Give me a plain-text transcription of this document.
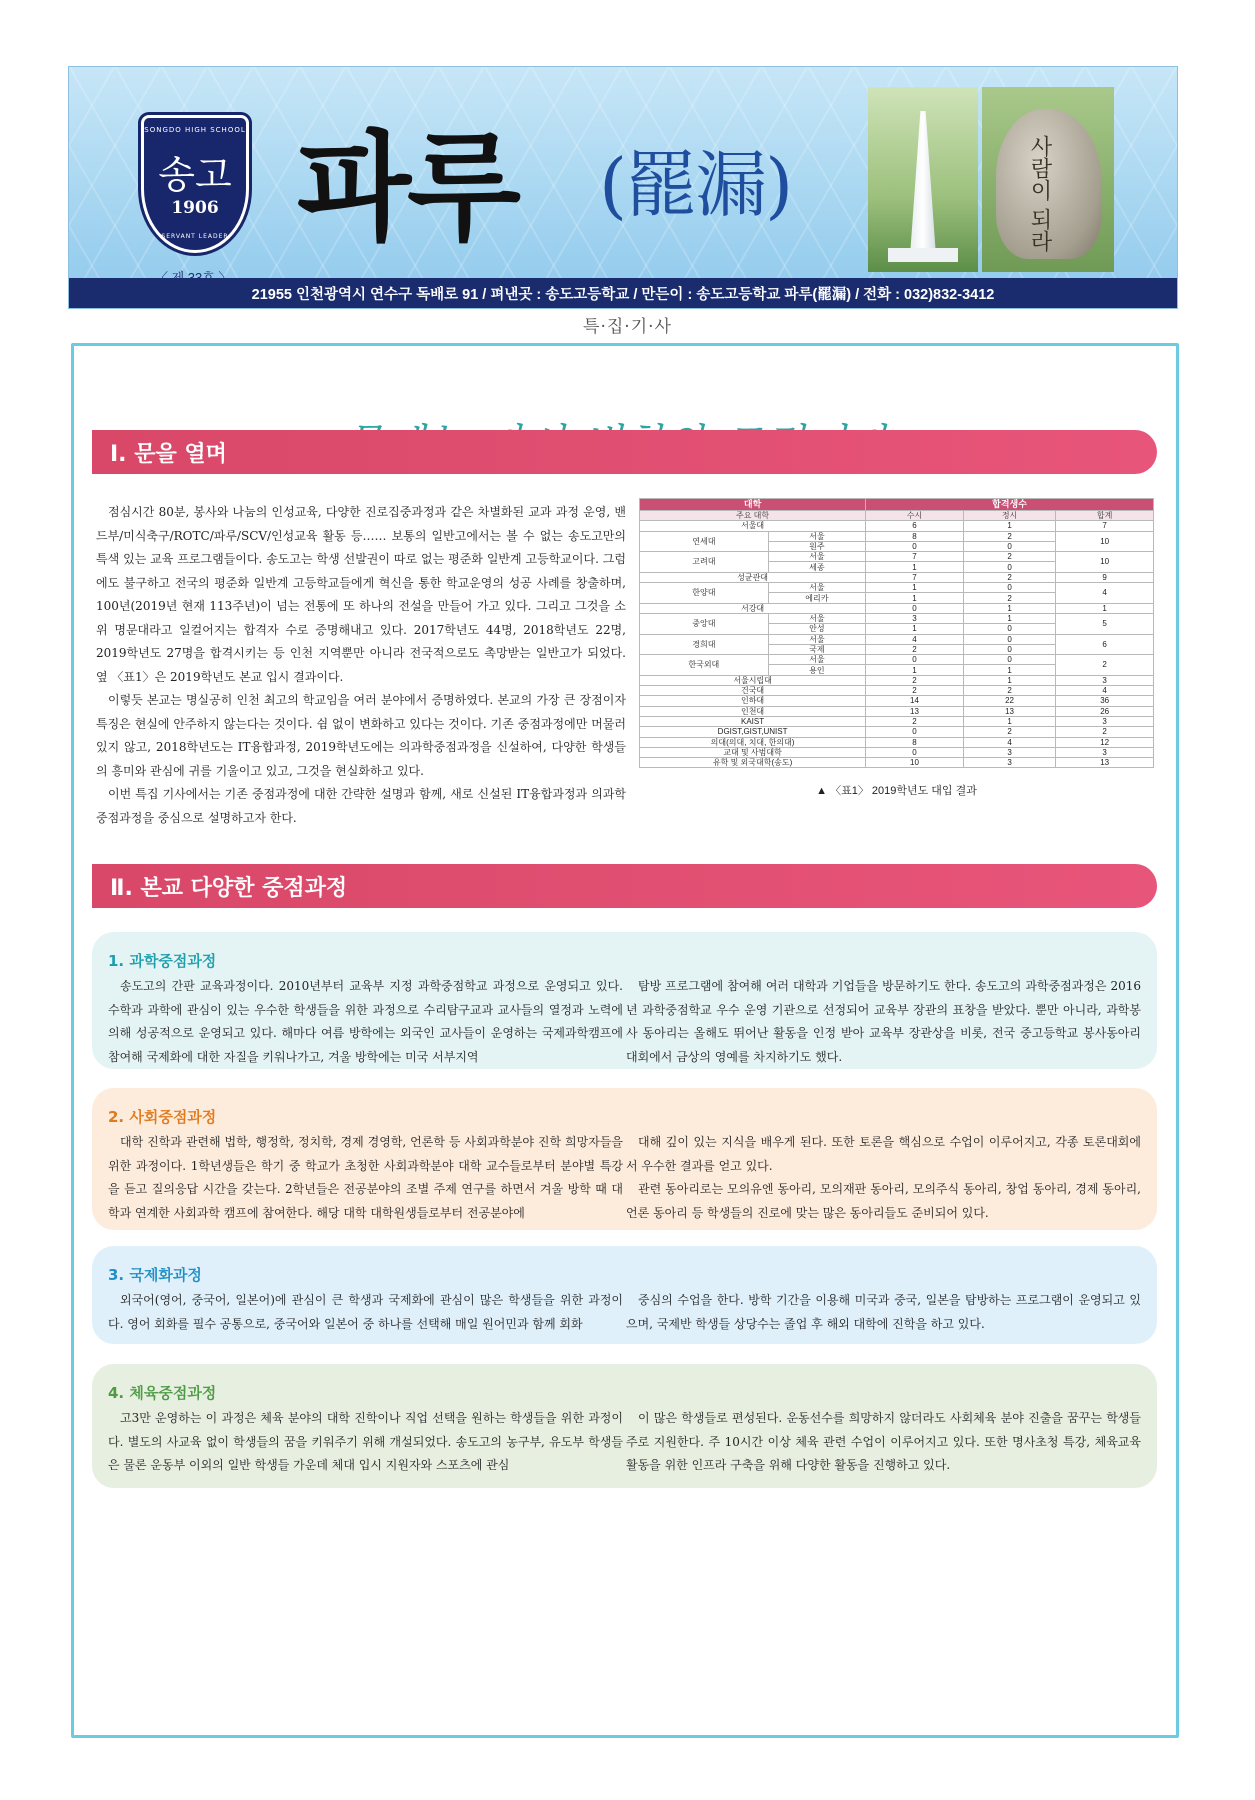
SONGDO HIGH SCHOOL
송고
1906
SERVANT LEADER 파루 (罷漏)	사람이 되라
21955 인천광역시 연수구 독배로 91 / 펴낸곳 : 송도고등학교 / 만든이 : 송도고등학교 파루(罷漏) / 전화 : 032)832-3412
특·집·기·사
Ⅰ. 문을 열며

점심시간 80분, 봉사와 나눔의 인성교육, 다양한 진로집중과정과 같은 차별화된 교과 과정 운영, 밴드부/미식축구/ROTC/파루/SCV/인성교육 활동 등…… 보통의 일반고에서는 볼 수 없는 송도고만의 특색 있는 교육 프로그램들이다. 송도고는 학생 선발권이 따로 없는 평준화 일반계 고등학교이다. 그럼에도 불구하고 전국의 평준화 일반계 고등학교들에게 혁신을 통한 학교운영의 성공 사례를 창출하며, 100년(2019년 현재 113주년)이 넘는 전통에 또 하나의 전설을 만들어 가고 있다. 그리고 그것을 소위 명문대라고 일컬어지는 합격자 수로 증명해내고 있다. 2017학년도 44명, 2018학년도 22명, 2019학년도 27명을 합격시키는 등 인천 지역뿐만 아니라 전국적으로도 촉망받는 일반고가 되었다. 옆 〈표1〉은 2019학년도 본교 입시 결과이다.

이렇듯 본교는 명실공히 인천 최고의 학교임을 여러 분야에서 증명하였다. 본교의 가장 큰 장점이자 특징은 현실에 안주하지 않는다는 것이다. 쉼 없이 변화하고 있다는 것이다. 기존 중점과정에만 머물러 있지 않고, 2018학년도는 IT융합과정, 2019학년도에는 의과학중점과정을 신설하여, 다양한 학생들의 흥미와 관심에 귀를 기울이고 있고, 그것을 현실화하고 있다.

이번 특집 기사에서는 기존 중점과정에 대한 간략한 설명과 함께, 새로 신설된 IT융합과정과 의과학중점과정을 중심으로 설명하고자 한다.

대학		합격생수		
주요 대학		수시	정시	합계
서울대		6	1	7
연세대	서울	8	2	10
	원주	0	0	
고려대	서울	7	2	10
	세종	1	0	
성균관대		7	2	9
한양대	서울	1	0	4
	에리카	1	2	
서강대		0	1	1
중앙대	서울	3	1	5
	안성	1	0	
경희대	서울	4	0	6
	국제	2	0	
한국외대	서울	0	0	2
	용인	1	1	
서울시립대		2	1	3
건국대		2	2	4
인하대		14	22	36
인천대		13	13	26
KAIST		2	1	3
DGIST,GIST,UNIST		0	2	2
의대(의대, 치대, 한의대)		8	4	12
교대 및 사범대학		0	3	3
유학 및 외국대학(송도)		10	3	13
▲ 〈표1〉 2019학년도 대입 결과
Ⅱ. 본교 다양한 중점과정
1. 과학중점과정

송도고의 간판 교육과정이다. 2010년부터 교육부 지정 과학중점학교 과정으로 운영되고 있다. 수학과 과학에 관심이 있는 우수한 학생들을 위한 과정으로 수리탐구교과 교사들의 열정과 노력에 의해 성공적으로 운영되고 있다. 해마다 여름 방학에는 외국인 교사들이 운영하는 국제과학캠프에 참여해 국제화에 대한 자질을 키워나가고, 겨울 방학에는 미국 서부지역

탐방 프로그램에 참여해 여러 대학과 기업들을 방문하기도 한다. 송도고의 과학중점과정은 2016년 과학중점학교 우수 운영 기관으로 선정되어 교육부 장관의 표창을 받았다. 뿐만 아니라, 과학봉사 동아리는 올해도 뛰어난 활동을 인정 받아 교육부 장관상을 비롯, 전국 중고등학교 봉사동아리 대회에서 금상의 영예를 차지하기도 했다.

2. 사회중점과정

대학 진학과 관련해 법학, 행정학, 정치학, 경제 경영학, 언론학 등 사회과학분야 진학 희망자들을 위한 과정이다. 1학년생들은 학기 중 학교가 초청한 사회과학분야 대학 교수들로부터 분야별 특강을 듣고 질의응답 시간을 갖는다. 2학년들은 전공분야의 조별 주제 연구를 하면서 겨울 방학 때 대학과 연계한 사회과학 캠프에 참여한다. 해당 대학 대학원생들로부터 전공분야에

대해 깊이 있는 지식을 배우게 된다. 또한 토론을 핵심으로 수업이 이루어지고, 각종 토론대회에서 우수한 결과를 얻고 있다.

관련 동아리로는 모의유엔 동아리, 모의재판 동아리, 모의주식 동아리, 창업 동아리, 경제 동아리, 언론 동아리 등 학생들의 진로에 맞는 많은 동아리들도 준비되어 있다.

3. 국제화과정

외국어(영어, 중국어, 일본어)에 관심이 큰 학생과 국제화에 관심이 많은 학생들을 위한 과정이다. 영어 회화를 필수 공통으로, 중국어와 일본어 중 하나를 선택해 매일 원어민과 함께 회화

중심의 수업을 한다. 방학 기간을 이용해 미국과 중국, 일본을 탐방하는 프로그램이 운영되고 있으며, 국제반 학생들 상당수는 졸업 후 해외 대학에 진학을 하고 있다.

4. 체육중점과정

고3만 운영하는 이 과정은 체육 분야의 대학 진학이나 직업 선택을 원하는 학생들을 위한 과정이다. 별도의 사교육 없이 학생들의 꿈을 키워주기 위해 개설되었다. 송도고의 농구부, 유도부 학생들은 물론 운동부 이외의 일반 학생들 가운데 체대 입시 지원자와 스포츠에 관심

이 많은 학생들로 편성된다. 운동선수를 희망하지 않더라도 사회체육 분야 진출을 꿈꾸는 학생들주로 지원한다. 주 10시간 이상 체육 관련 수업이 이루어지고 있다. 또한 명사초청 특강, 체육교육 활동을 위한 인프라 구축을 위해 다양한 활동을 진행하고 있다.
